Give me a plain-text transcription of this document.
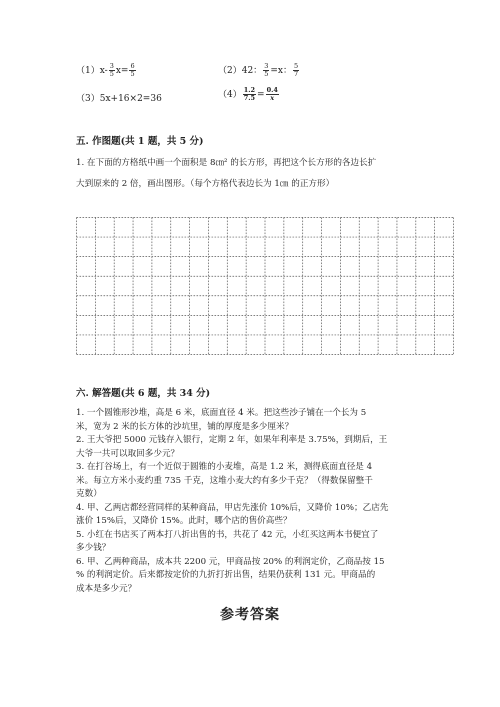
$(1)x- \frac{3}{5} x= \frac{6}{5}$	（2）42： $\frac{3}{5} =x$： $\frac{5}{7}$
（3）5x+16×2=36	$(4) \frac{1.2}{7.5} = \frac{0.4}{x}$
五. 作图题(共 1 题，共 5 分)
1. 在下面的方格纸中画一个面积是 8㎝² 的长方形，再把这个长方形的各边长扩
大到原来的 2 倍，画出图形。（每个方格代表边长为 1㎝ 的正方形）
六. 解答题(共 6 题，共 34 分)
1. 一个圆锥形沙堆，高是 6 米，底面直径 4 米。把这些沙子铺在一个长为 5
米，宽为 2 米的长方体的沙坑里，铺的厚度是多少厘米？
2. 王大爷把 5000 元钱存入银行，定期 2 年，如果年利率是 3.75%，到期后，王
大爷一共可以取回多少元？
3. 在打谷场上，有一个近似于圆锥的小麦堆，高是 1.2 米，测得底面直径是 4
米。每立方米小麦约重 735 千克，这堆小麦大约有多少千克？（得数保留整千
克数）
4. 甲、乙两店都经营同样的某种商品，甲店先涨价 10%后，又降价 10%；乙店先
涨价 15%后，又降价 15%。此时，哪个店的售价高些？
5. 小红在书店买了两本打八折出售的书，共花了 42 元，小红买这两本书便宜了
多少钱？
6. 甲、乙两种商品，成本共 2200 元，甲商品按 20% 的利润定价，乙商品按 15
% 的利润定价。后来都按定价的九折打折出售，结果仍获利 131 元。甲商品的
成本是多少元？
参考答案
